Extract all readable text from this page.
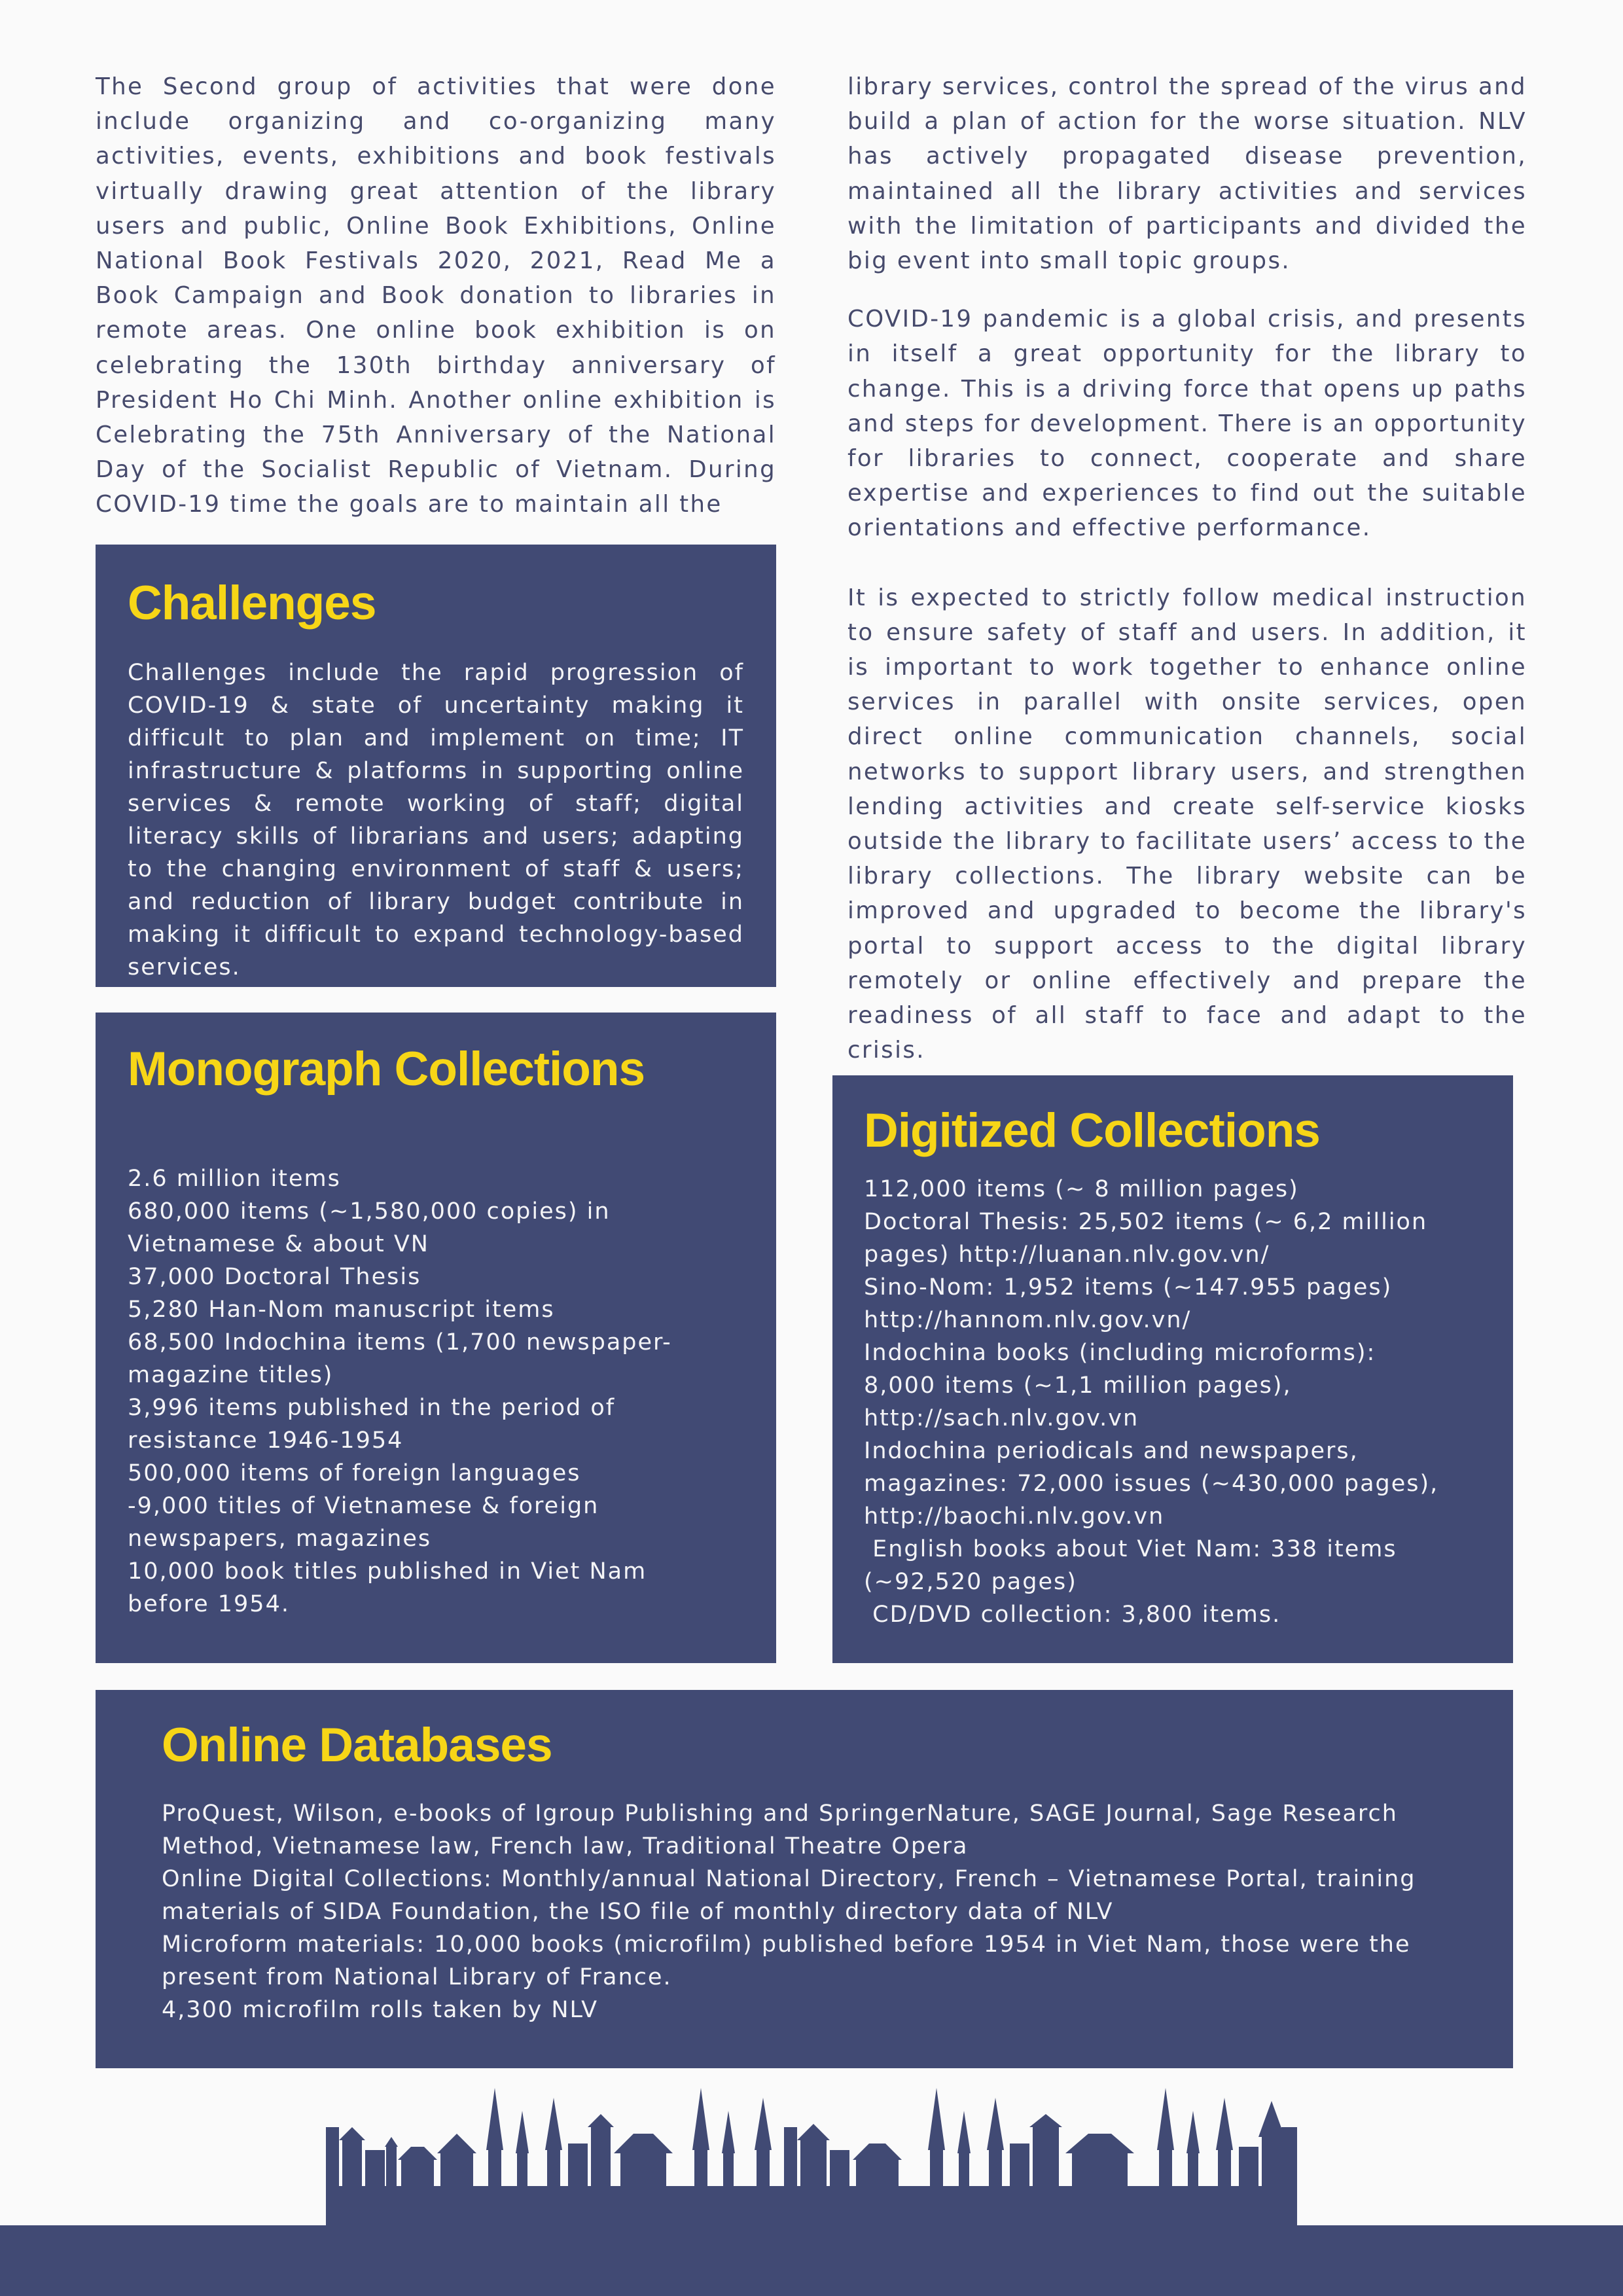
The Second group of activities that were done include organizing and co-organizing many activities, events, exhibitions and book festivals virtually drawing great attention of the library users and public, Online Book Exhibitions, Online National Book Festivals 2020, 2021, Read Me a Book Campaign and Book donation to libraries in remote areas. One online book exhibition is on celebrating the 130th birthday anniversary of President Ho Chi Minh. Another online exhibition is Celebrating the 75th Anniversary of the National Day of the Socialist Republic of Vietnam. During COVID-19 time the goals are to maintain all the

library services, control the spread of the virus and build a plan of action for the worse situation. NLV has actively propagated disease prevention, maintained all the library activities and services with the limitation of participants and divided the big event into small topic groups.

COVID-19 pandemic is a global crisis, and presents in itself a great opportunity for the library to change. This is a driving force that opens up paths and steps for development. There is an opportunity for libraries to connect, cooperate and share expertise and experiences to find out the suitable orientations and effective performance.

It is expected to strictly follow medical instruction to ensure safety of staff and users. In addition, it is important to work together to enhance online services in parallel with onsite services, open direct online communication channels, social networks to support library users, and strengthen lending activities and create self-service kiosks outside the library to facilitate users’ access to the library collections. The library website can be improved and upgraded to become the library's portal to support access to the digital library remotely or online effectively and prepare the readiness of all staff to face and adapt to the crisis.

Challenges

Challenges include the rapid progression of COVID-19 & state of uncertainty making it difficult to plan and implement on time; IT infrastructure & platforms in supporting online services & remote working of staff; digital literacy skills of librarians and users; adapting to the changing environment of staff & users; and reduction of library budget contribute in making it difficult to expand technology-based services.

Monograph Collections
2.6 million items
680,000 items (~1,580,000 copies) in
Vietnamese & about VN
37,000 Doctoral Thesis
5,280 Han-Nom manuscript items
68,500 Indochina items (1,700 newspaper-
magazine titles)
3,996 items published in the period of
resistance 1946-1954
500,000 items of foreign languages
-9,000 titles of Vietnamese & foreign
newspapers, magazines
10,000 book titles published in Viet Nam
before 1954.
Digitized Collections
112,000 items (~ 8 million pages)
Doctoral Thesis: 25,502 items (~ 6,2 million
pages) http://luanan.nlv.gov.vn/
Sino-Nom: 1,952 items (~147.955 pages)
http://hannom.nlv.gov.vn/
Indochina books (including microforms):
8,000 items (~1,1 million pages),
http://sach.nlv.gov.vn
Indochina periodicals and newspapers,
magazines: 72,000 issues (~430,000 pages),
http://baochi.nlv.gov.vn
English books about Viet Nam: 338 items
(~92,520 pages)
CD/DVD collection: 3,800 items.
Online Databases
ProQuest, Wilson, e-books of Igroup Publishing and SpringerNature, SAGE Journal, Sage Research
Method, Vietnamese law, French law, Traditional Theatre Opera
Online Digital Collections: Monthly/annual National Directory, French – Vietnamese Portal, training
materials of SIDA Foundation, the ISO file of monthly directory data of NLV
Microform materials: 10,000 books (microfilm) published before 1954 in Viet Nam, those were the
present from National Library of France.
4,300 microfilm rolls taken by NLV
